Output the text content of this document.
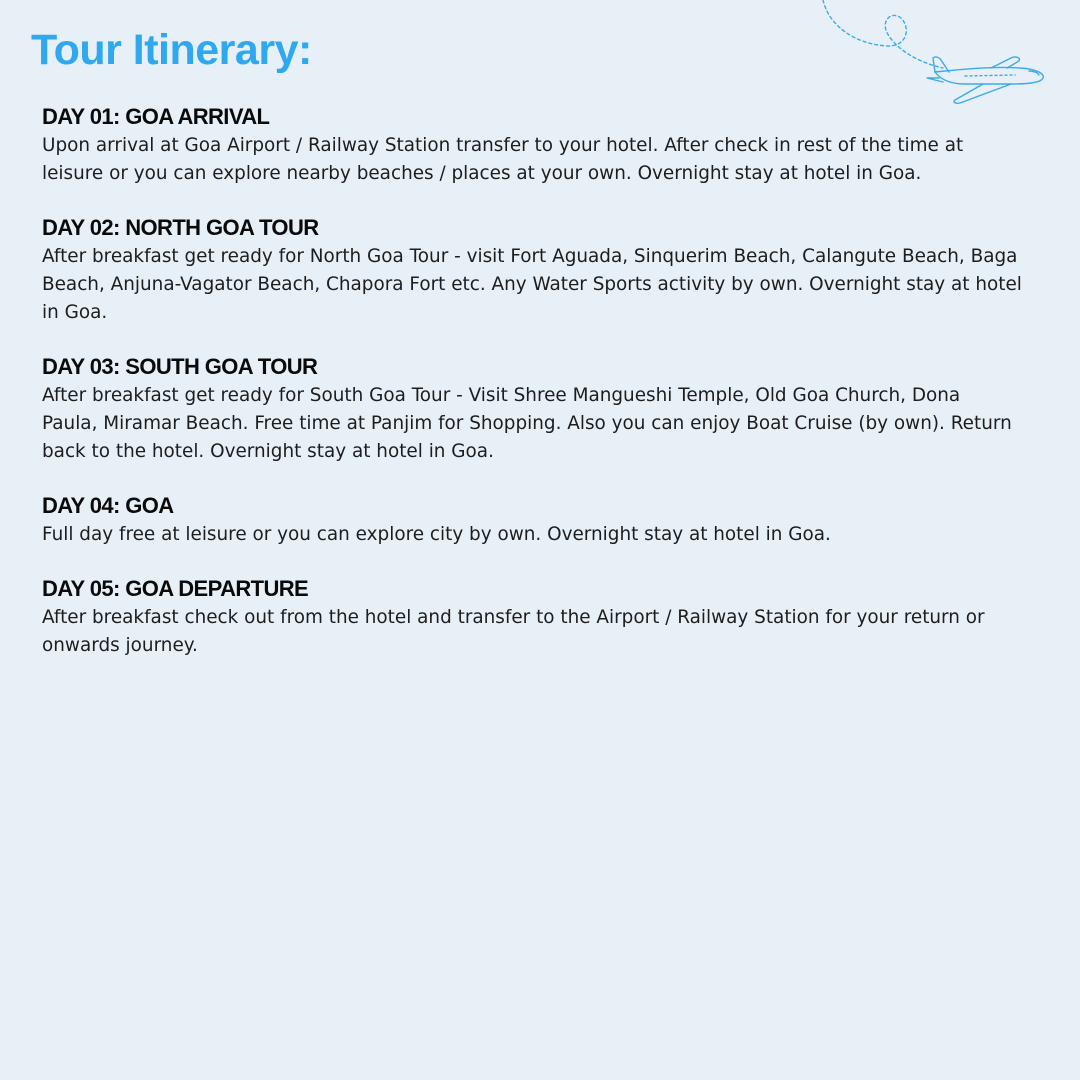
Tour Itinerary:
DAY 01: GOA ARRIVAL

Upon arrival at Goa Airport / Railway Station transfer to your hotel. After check in rest of the time at
leisure or you can explore nearby beaches / places at your own. Overnight stay at hotel in Goa.

DAY 02: NORTH GOA TOUR

After breakfast get ready for North Goa Tour - visit Fort Aguada, Sinquerim Beach, Calangute Beach, Baga
Beach, Anjuna-Vagator Beach, Chapora Fort etc. Any Water Sports activity by own. Overnight stay at hotel
in Goa.

DAY 03: SOUTH GOA TOUR

After breakfast get ready for South Goa Tour - Visit Shree Mangueshi Temple, Old Goa Church, Dona
Paula, Miramar Beach. Free time at Panjim for Shopping. Also you can enjoy Boat Cruise (by own). Return
back to the hotel. Overnight stay at hotel in Goa.

DAY 04: GOA

Full day free at leisure or you can explore city by own. Overnight stay at hotel in Goa.

DAY 05: GOA DEPARTURE

After breakfast check out from the hotel and transfer to the Airport / Railway Station for your return or
onwards journey.
